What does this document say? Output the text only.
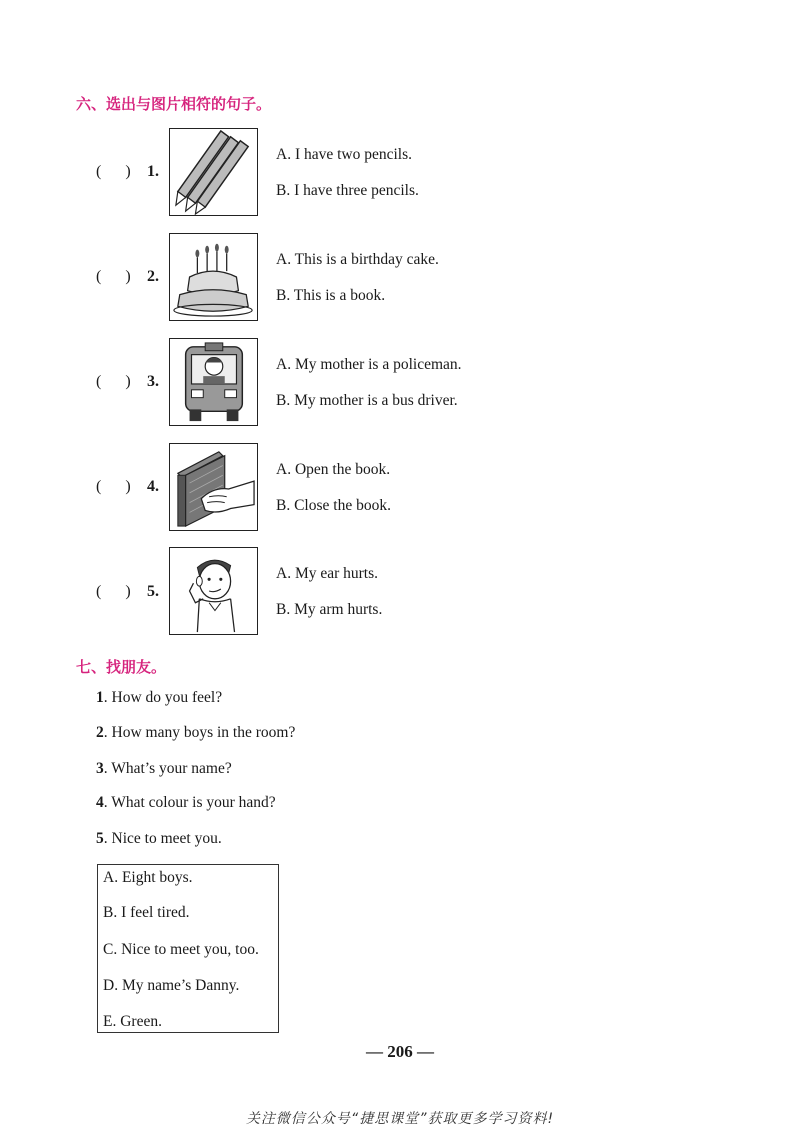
六、选出与图片相符的句子。
(      ) 1.
A. I have two pencils.
B. I have three pencils.
(      ) 2.
A. This is a birthday cake.
B. This is a book.
(      ) 3.
A. My mother is a policeman.
B. My mother is a bus driver.
(      ) 4.
A. Open the book.
B. Close the book.
(      ) 5.
A. My ear hurts.
B. My arm hurts.
七、找朋友。
1. How do you feel?
2. How many boys in the room?
3. What’s your name?
4. What colour is your hand?
5. Nice to meet you.
A. Eight boys.
B. I feel tired.
C. Nice to meet you, too.
D. My name’s Danny.
E. Green.
— 206 —
关注微信公众号“捷思课堂”获取更多学习资料!
